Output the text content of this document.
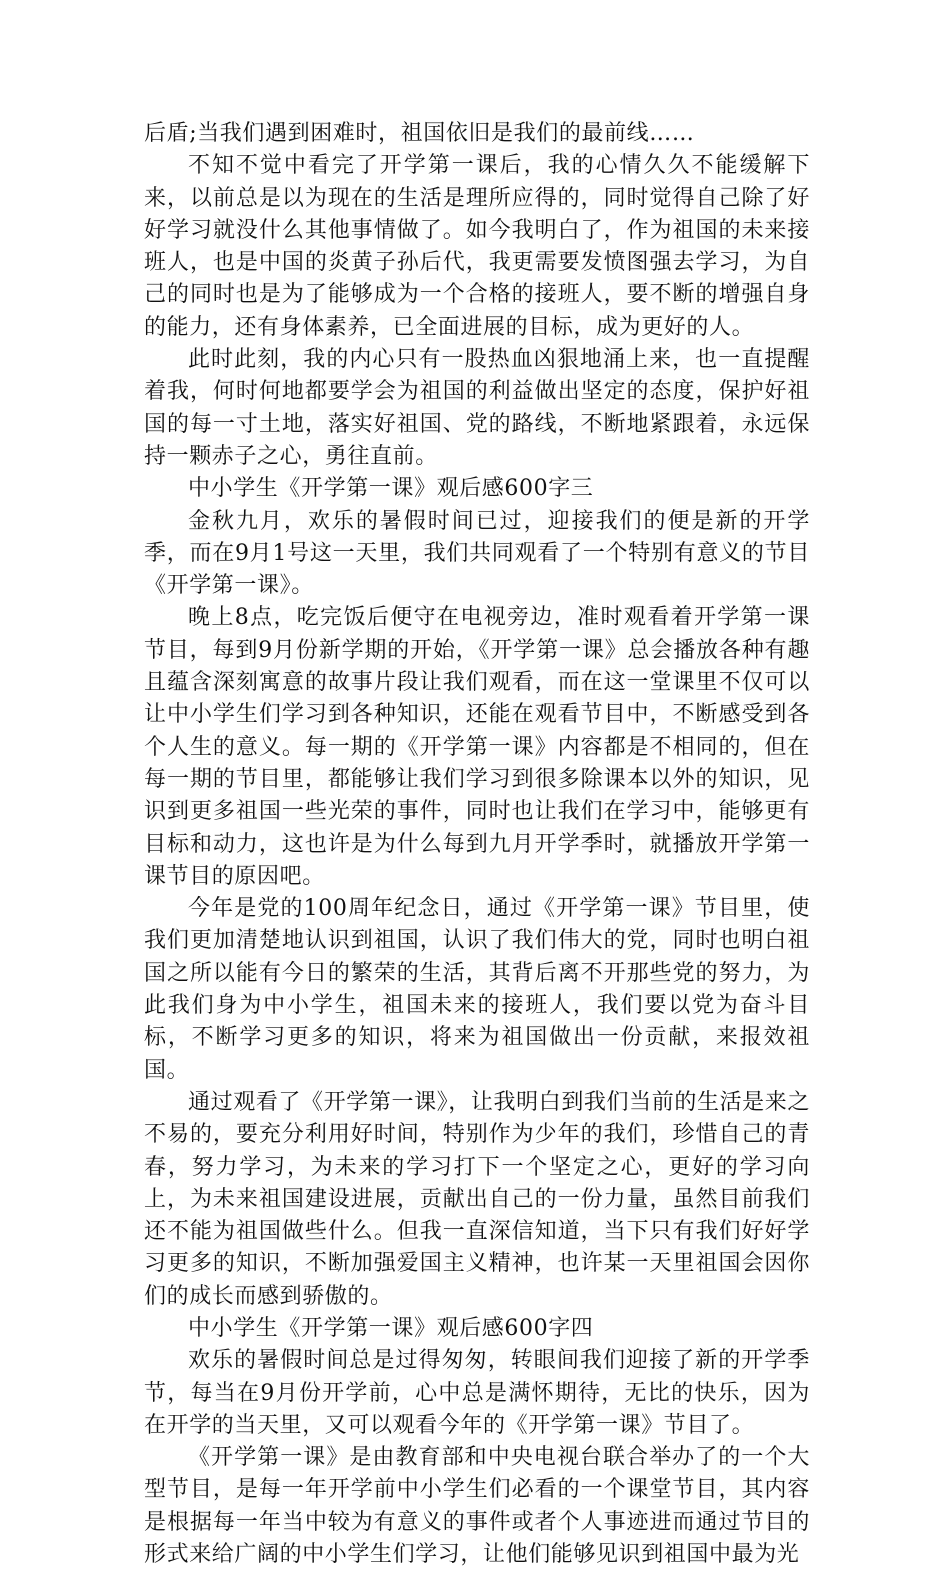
后盾;当我们遇到困难时，祖国依旧是我们的最前线……

不知不觉中看完了开学第一课后，我的心情久久不能缓解下来，以前总是以为现在的生活是理所应得的，同时觉得自己除了好好学习就没什么其他事情做了。如今我明白了，作为祖国的未来接班人，也是中国的炎黄子孙后代，我更需要发愤图强去学习，为自己的同时也是为了能够成为一个合格的接班人，要不断的增强自身的能力，还有身体素养，已全面进展的目标，成为更好的人。

此时此刻，我的内心只有一股热血凶狠地涌上来，也一直提醒着我，何时何地都要学会为祖国的利益做出坚定的态度，保护好祖国的每一寸土地，落实好祖国、党的路线，不断地紧跟着，永远保持一颗赤子之心，勇往直前。

中小学生《开学第一课》观后感600字三

金秋九月，欢乐的暑假时间已过，迎接我们的便是新的开学季，而在9月1号这一天里，我们共同观看了一个特别有意义的节目《开学第一课》。

晚上8点，吃完饭后便守在电视旁边，准时观看着开学第一课节目，每到9月份新学期的开始，《开学第一课》总会播放各种有趣且蕴含深刻寓意的故事片段让我们观看，而在这一堂课里不仅可以让中小学生们学习到各种知识，还能在观看节目中，不断感受到各个人生的意义。每一期的《开学第一课》内容都是不相同的，但在每一期的节目里，都能够让我们学习到很多除课本以外的知识，见识到更多祖国一些光荣的事件，同时也让我们在学习中，能够更有目标和动力，这也许是为什么每到九月开学季时，就播放开学第一课节目的原因吧。

今年是党的100周年纪念日，通过《开学第一课》节目里，使我们更加清楚地认识到祖国，认识了我们伟大的党，同时也明白祖国之所以能有今日的繁荣的生活，其背后离不开那些党的努力，为此我们身为中小学生，祖国未来的接班人，我们要以党为奋斗目标，不断学习更多的知识，将来为祖国做出一份贡献，来报效祖国。

通过观看了《开学第一课》，让我明白到我们当前的生活是来之不易的，要充分利用好时间，特别作为少年的我们，珍惜自己的青春，努力学习，为未来的学习打下一个坚定之心，更好的学习向上，为未来祖国建设进展，贡献出自己的一份力量，虽然目前我们还不能为祖国做些什么。但我一直深信知道，当下只有我们好好学习更多的知识，不断加强爱国主义精神，也许某一天里祖国会因你们的成长而感到骄傲的。

中小学生《开学第一课》观后感600字四

欢乐的暑假时间总是过得匆匆，转眼间我们迎接了新的开学季节，每当在9月份开学前，心中总是满怀期待，无比的快乐，因为在开学的当天里，又可以观看今年的《开学第一课》节目了。

《开学第一课》是由教育部和中央电视台联合举办了的一个大型节目，是每一年开学前中小学生们必看的一个课堂节目，其内容是根据每一年当中较为有意义的事件或者个人事迹进而通过节目的形式来给广阔的中小学生们学习，让他们能够见识到祖国中最为光
